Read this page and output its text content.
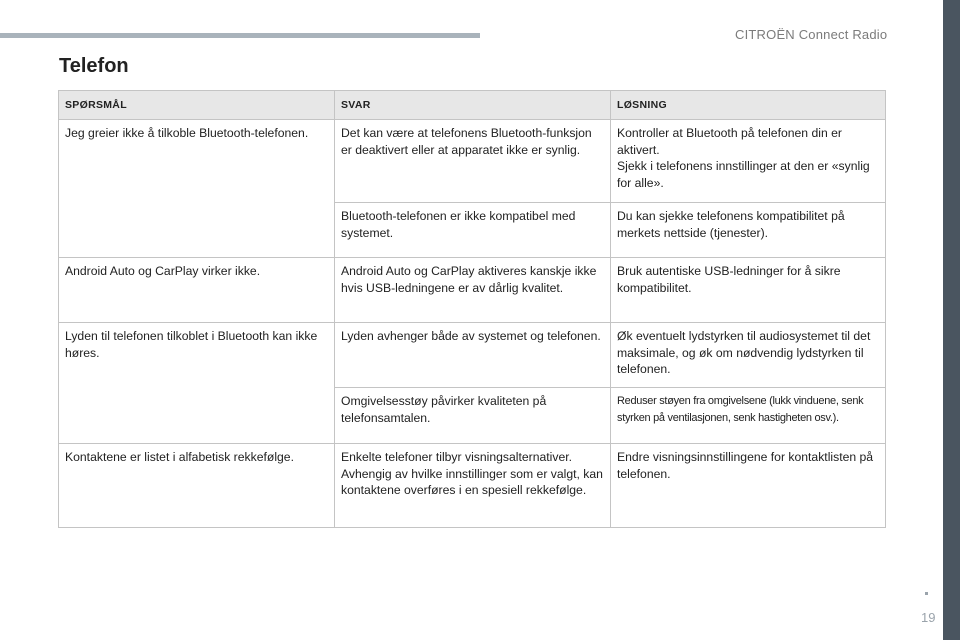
CITROËN Connect Radio
Telefon
SPØRSMÅL	SVAR	LØSNING
Jeg greier ikke å tilkoble Bluetooth-telefonen.	Det kan være at telefonens Bluetooth-funksjon er deaktivert eller at apparatet ikke er synlig.	Kontroller at Bluetooth på telefonen din er aktivert.
Sjekk i telefonens innstillinger at den er «synlig for alle».

	Bluetooth-telefonen er ikke kompatibel med systemet.	Du kan sjekke telefonens kompatibilitet på merkets nettside (tjenester).
Android Auto og CarPlay virker ikke.	Android Auto og CarPlay aktiveres kanskje ikke hvis USB-ledningene er av dårlig kvalitet.	Bruk autentiske USB-ledninger for å sikre kompatibilitet.
Lyden til telefonen tilkoblet i Bluetooth kan ikke høres.	Lyden avhenger både av systemet og telefonen.	Øk eventuelt lydstyrken til audiosystemet til det maksimale, og øk om nødvendig lydstyrken til telefonen.
	Omgivelsesstøy påvirker kvaliteten på telefonsamtalen.	Reduser støyen fra omgivelsene (lukk vinduene, senk styrken på ventilasjonen, senk hastigheten osv.).
Kontaktene er listet i alfabetisk rekkefølge.	Enkelte telefoner tilbyr visningsalternativer. Avhengig av hvilke innstillinger som er valgt, kan kontaktene overføres i en spesiell rekkefølge.	Endre visningsinnstillingene for kontaktlisten på telefonen.
19
